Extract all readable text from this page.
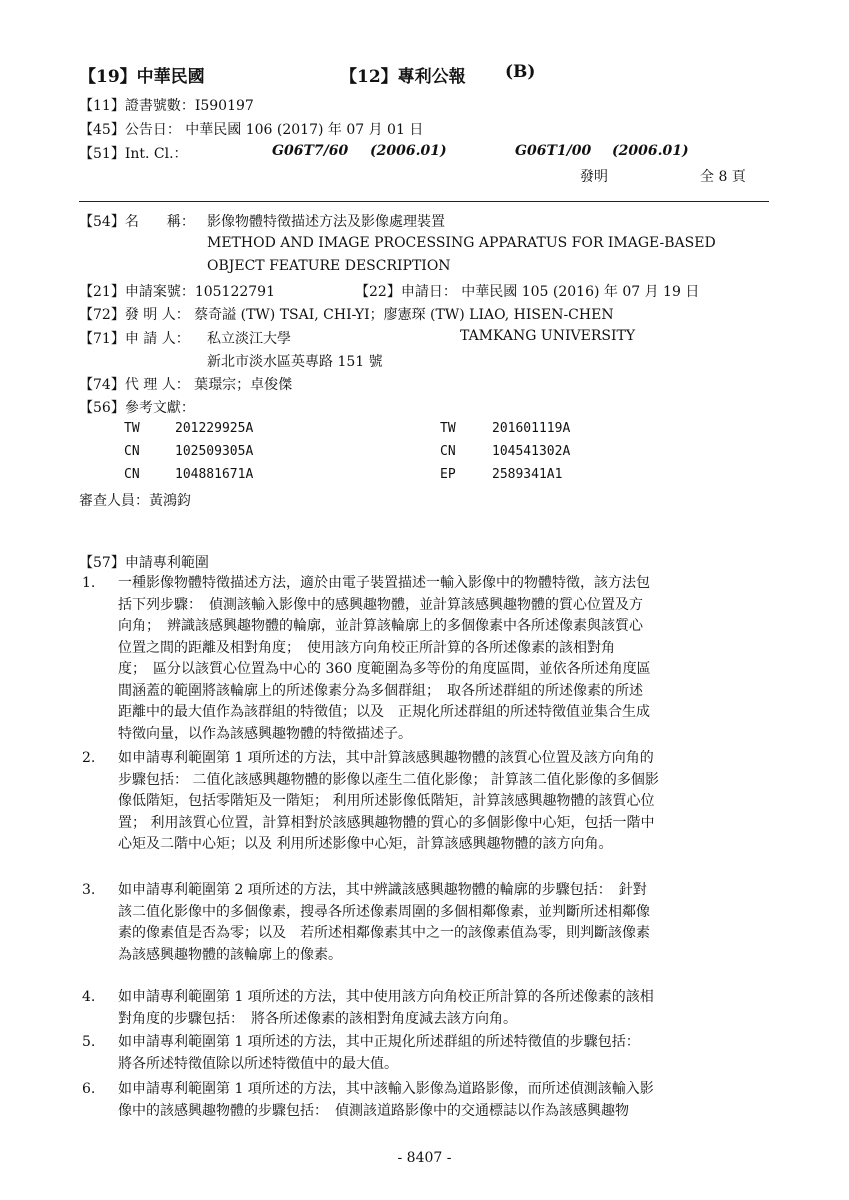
【19】中華民國	【12】專利公報 (B)
【11】證書號數：I590197
【45】公告日： 中華民國 106 (2017) 年 07 月 01 日
【51】Int. Cl.：	G06T7/60 (2006.01)	G06T1/00 (2006.01)
發明	全 8 頁
【54】名　　稱： 影像物體特徵描述方法及影像處理裝置
METHOD AND IMAGE PROCESSING APPARATUS FOR IMAGE-BASED
OBJECT FEATURE DESCRIPTION
【21】申請案號：105122791	【22】申請日： 中華民國 105 (2016) 年 07 月 19 日
【72】發 明 人： 蔡奇謚 (TW) TSAI, CHI-YI；廖憲琛 (TW) LIAO, HISEN-CHEN
【71】申 請 人： 私立淡江大學	TAMKANG UNIVERSITY
新北市淡水區英專路 151 號
【74】代 理 人： 葉璟宗；卓俊傑
【56】參考文獻：
TW	201229925A	TW	201601119A
CN	102509305A	CN	104541302A
CN	104881671A	EP	2589341A1
審查人員：黃鴻鈞
【57】申請專利範圍
1.	一種影像物體特徵描述方法，適於由電子裝置描述一輸入影像中的物體特徵，該方法包
括下列步驟：　偵測該輸入影像中的感興趣物體，並計算該感興趣物體的質心位置及方
向角；　辨識該感興趣物體的輪廓，並計算該輪廓上的多個像素中各所述像素與該質心
位置之間的距離及相對角度；　使用該方向角校正所計算的各所述像素的該相對角
度；　區分以該質心位置為中心的 360 度範圍為多等份的角度區間，並依各所述角度區
間涵蓋的範圍將該輪廓上的所述像素分為多個群組；　取各所述群組的所述像素的所述
距離中的最大值作為該群組的特徵值；以及　正規化所述群組的所述特徵值並集合生成
特徵向量，以作為該感興趣物體的特徵描述子。
2.	如申請專利範圍第 1 項所述的方法，其中計算該感興趣物體的該質心位置及該方向角的
步驟包括： 二值化該感興趣物體的影像以產生二值化影像； 計算該二值化影像的多個影
像低階矩，包括零階矩及一階矩； 利用所述影像低階矩，計算該感興趣物體的該質心位
置； 利用該質心位置，計算相對於該感興趣物體的質心的多個影像中心矩，包括一階中
心矩及二階中心矩；以及 利用所述影像中心矩，計算該感興趣物體的該方向角。
3.	如申請專利範圍第 2 項所述的方法，其中辨識該感興趣物體的輪廓的步驟包括：　針對
該二值化影像中的多個像素，搜尋各所述像素周圍的多個相鄰像素，並判斷所述相鄰像
素的像素值是否為零；以及　若所述相鄰像素其中之一的該像素值為零，則判斷該像素
為該感興趣物體的該輪廓上的像素。
4.	如申請專利範圍第 1 項所述的方法，其中使用該方向角校正所計算的各所述像素的該相
對角度的步驟包括：　將各所述像素的該相對角度減去該方向角。
5.	如申請專利範圍第 1 項所述的方法，其中正規化所述群組的所述特徵值的步驟包括：
將各所述特徵值除以所述特徵值中的最大值。
6.	如申請專利範圍第 1 項所述的方法，其中該輸入影像為道路影像，而所述偵測該輸入影
像中的該感興趣物體的步驟包括：　偵測該道路影像中的交通標誌以作為該感興趣物
- 8407 -
